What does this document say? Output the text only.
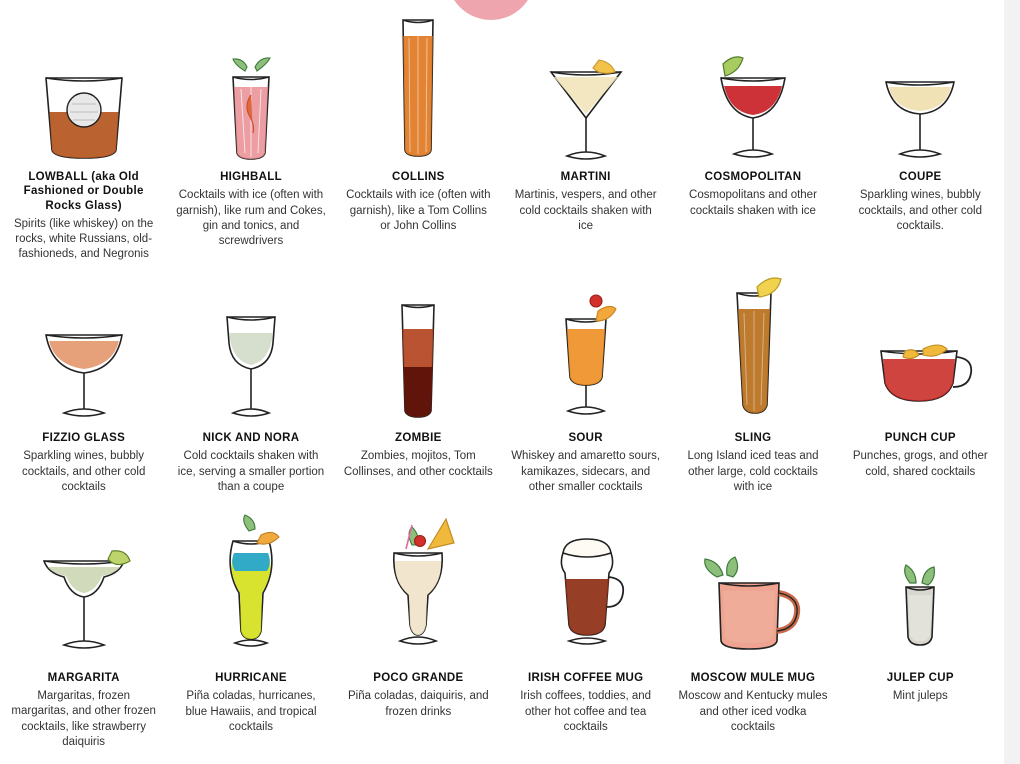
LOWBALL (aka Old Fashioned or Double Rocks Glass)
Spirits (like whiskey) on the rocks, white Russians, old-fashioneds, and Negronis
HIGHBALL
Cocktails with ice (often with garnish), like rum and Cokes, gin and tonics, and screwdrivers
COLLINS
Cocktails with ice (often with garnish), like a Tom Collins or John Collins
MARTINI
Martinis, vespers, and other cold cocktails shaken with ice
COSMOPOLITAN
Cosmopolitans and other cocktails shaken with ice
COUPE
Sparkling wines, bubbly cocktails, and other cold cocktails.
FIZZIO GLASS
Sparkling wines, bubbly cocktails, and other cold cocktails
NICK AND NORA
Cold cocktails shaken with ice, serving a smaller portion than a coupe
ZOMBIE
Zombies, mojitos, Tom Collinses, and other cocktails
SOUR
Whiskey and amaretto sours, kamikazes, sidecars, and other smaller cocktails
SLING
Long Island iced teas and other large, cold cocktails with ice
PUNCH CUP
Punches, grogs, and other cold, shared cocktails
MARGARITA
Margaritas, frozen margaritas, and other frozen cocktails, like strawberry daiquiris
HURRICANE
Piña coladas, hurricanes, blue Hawaiis, and tropical cocktails
POCO GRANDE
Piña coladas, daiquiris, and frozen drinks
IRISH COFFEE MUG
Irish coffees, toddies, and other hot coffee and tea cocktails
MOSCOW MULE MUG
Moscow and Kentucky mules and other iced vodka cocktails
JULEP CUP
Mint juleps
